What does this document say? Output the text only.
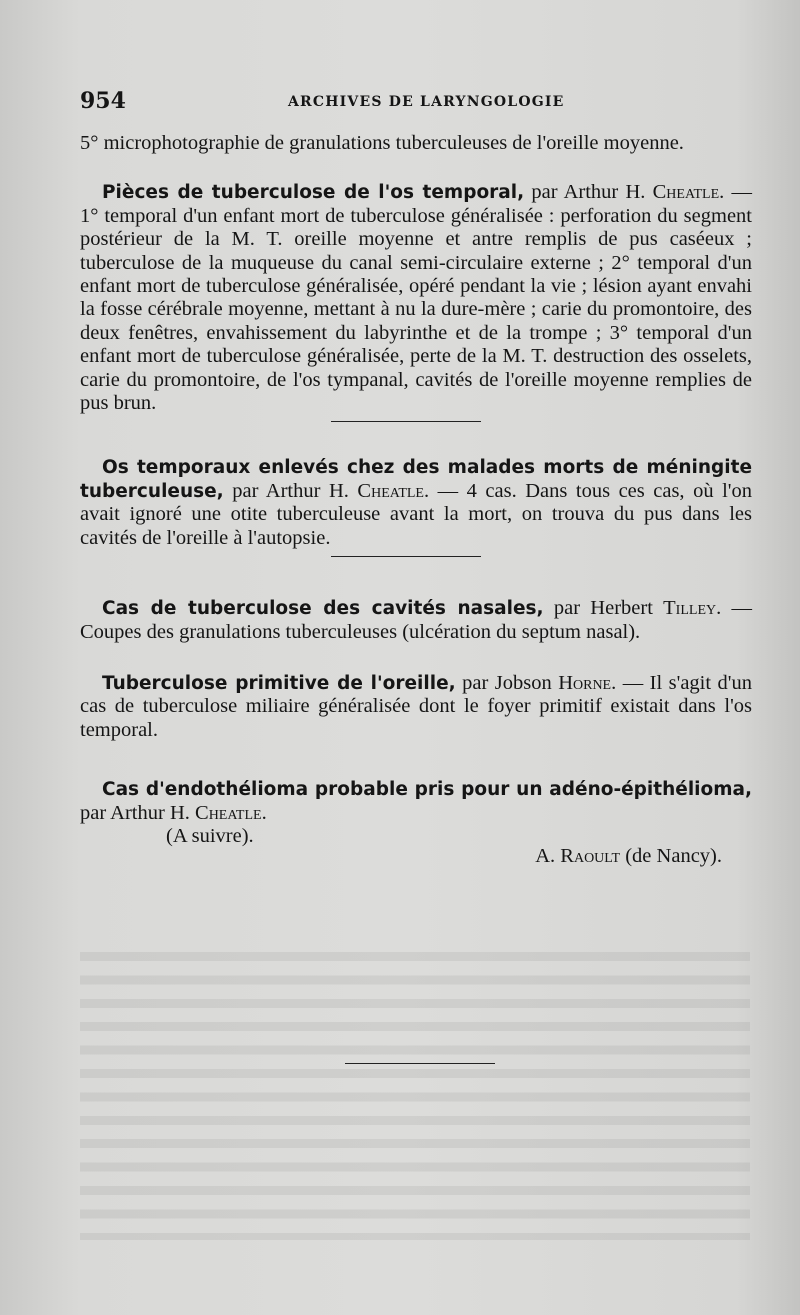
954	ARCHIVES DE LARYNGOLOGIE

5° microphotographie de granulations tuberculeuses de l'oreille moyenne.

Pièces de tuberculose de l'os temporal, par Arthur H. Cheatle. — 1° temporal d'un enfant mort de tuberculose généralisée : perforation du segment postérieur de la M. T. oreille moyenne et antre remplis de pus caséeux ; tuberculose de la muqueuse du canal semi-circulaire externe ; 2° temporal d'un enfant mort de tuberculose généralisée, opéré pendant la vie ; lésion ayant envahi la fosse cérébrale moyenne, mettant à nu la dure-mère ; carie du promontoire, des deux fenêtres, envahissement du labyrinthe et de la trompe ; 3° temporal d'un enfant mort de tuberculose généralisée, perte de la M. T. destruction des osselets, carie du promontoire, de l'os tympanal, cavités de l'oreille moyenne remplies de pus brun.

Os temporaux enlevés chez des malades morts de méningite tuberculeuse, par Arthur H. Cheatle. — 4 cas. Dans tous ces cas, où l'on avait ignoré une otite tuberculeuse avant la mort, on trouva du pus dans les cavités de l'oreille à l'autopsie.

Cas de tuberculose des cavités nasales, par Herbert Tilley. — Coupes des granulations tuberculeuses (ulcération du septum nasal).

Tuberculose primitive de l'oreille, par Jobson Horne. — Il s'agit d'un cas de tuberculose miliaire généralisée dont le foyer primitif existait dans l'os temporal.

Cas d'endothélioma probable pris pour un adéno-épithélioma, par Arthur H. Cheatle.

(A suivre).
A. Raoult (de Nancy).
